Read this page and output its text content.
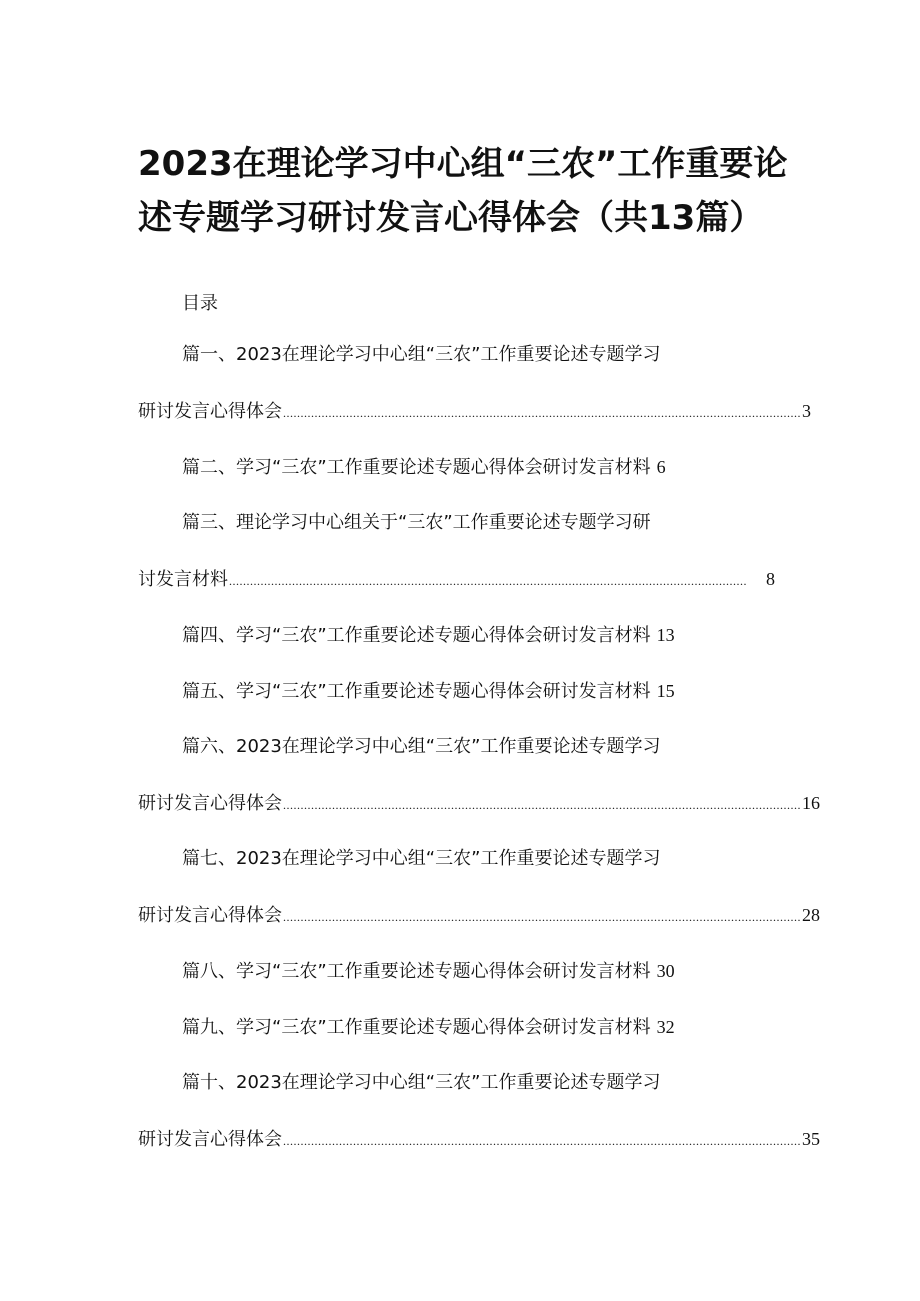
2023在理论学习中心组“三农”工作重要论
述专题学习研讨发言心得体会（共13篇）
目录
篇一、2023在理论学习中心组“三农”工作重要论述专题学习
研讨发言心得体会 .................................................................................................................................................... 3
篇二、学习“三农”工作重要论述专题心得体会研讨发言材料 6
篇三、理论学习中心组关于“三农”工作重要论述专题学习研
讨发言材料 ....................................................................................................................................................	8
篇四、学习“三农”工作重要论述专题心得体会研讨发言材料 13
篇五、学习“三农”工作重要论述专题心得体会研讨发言材料 15
篇六、2023在理论学习中心组“三农”工作重要论述专题学习
研讨发言心得体会 .................................................................................................................................................... 16
篇七、2023在理论学习中心组“三农”工作重要论述专题学习
研讨发言心得体会 .................................................................................................................................................... 28
篇八、学习“三农”工作重要论述专题心得体会研讨发言材料 30
篇九、学习“三农”工作重要论述专题心得体会研讨发言材料 32
篇十、2023在理论学习中心组“三农”工作重要论述专题学习
研讨发言心得体会 .................................................................................................................................................... 35
